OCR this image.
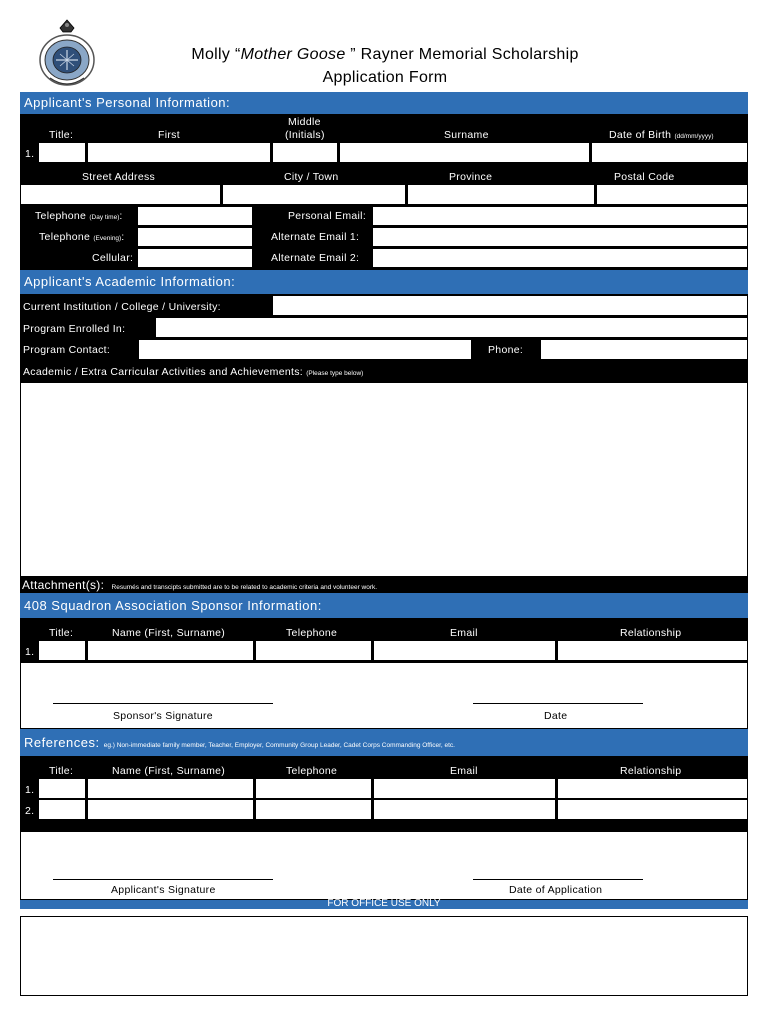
Molly “Mother Goose ” Rayner Memorial Scholarship
Application Form
Applicant's Personal Information:
Title:	First
Middle
(Initials)	Surname	Date of Birth (dd/mm/yyyy)
1.
Street Address	City / Town	Province	Postal Code
Telephone (Day time):	Personal Email:
Telephone (Evening):	Alternate Email 1:
Cellular:	Alternate Email 2:
Applicant's Academic Information:
Current Institution / College / University:
Program Enrolled In:
Program Contact:	Phone:
Academic / Extra Carricular Activities and Achievements: (Please type below)
Attachment(s): Resumés and transcipts submitted are to be related to academic criteria and volunteer work.
408 Squadron Association Sponsor Information:
Title:	Name (First, Surname)	Telephone	Email	Relationship
1.
Sponsor's Signature	Date
References: eg.) Non-immediate family member, Teacher, Employer, Community Group Leader, Cadet Corps Commanding Officer, etc.
Title:	Name (First, Surname)	Telephone	Email	Relationship
1.
2.
Applicant's Signature	Date of Application
FOR OFFICE USE ONLY
